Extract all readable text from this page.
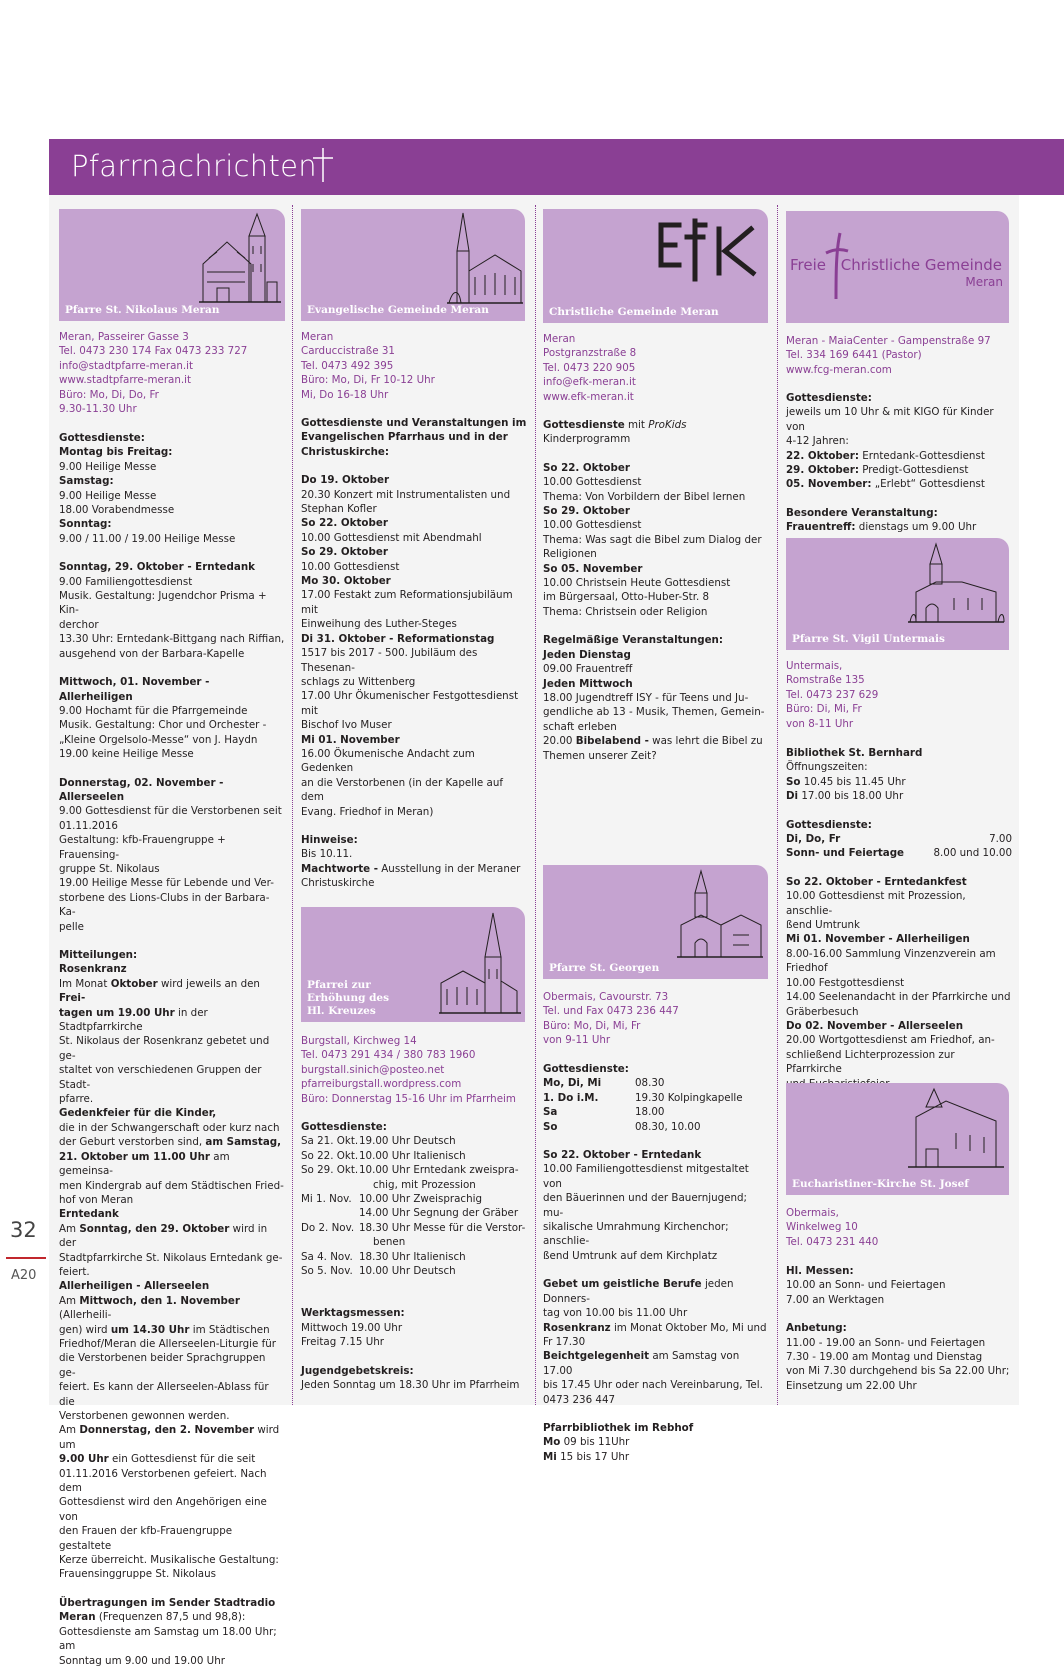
Pfarrnachrichten
32
A20
Pfarre St. Nikolaus Meran

Meran, Passeirer Gasse 3

Tel. 0473 230 174 Fax 0473 233 727

info@stadtpfarre-meran.it

www.stadtpfarre-meran.it

Büro: Mo, Di, Do, Fr

9.30-11.30 Uhr

Gottesdienste:

Montag bis Freitag:

9.00 Heilige Messe

Samstag:

9.00 Heilige Messe

18.00 Vorabendmesse

Sonntag:

9.00 / 11.00 / 19.00 Heilige Messe

Sonntag, 29. Oktober - Erntedank

9.00 Familiengottesdienst

Musik. Gestaltung: Jugendchor Prisma + Kin-

derchor

13.30 Uhr: Erntedank-Bittgang nach Riffian,

ausgehend von der Barbara-Kapelle

Mittwoch, 01. November - Allerheiligen

9.00 Hochamt für die Pfarrgemeinde

Musik. Gestaltung: Chor und Orchester -

„Kleine Orgelsolo-Messe“ von J. Haydn

19.00 keine Heilige Messe

Donnerstag, 02. November - Allerseelen

9.00 Gottesdienst für die Verstorbenen seit

01.11.2016

Gestaltung: kfb-Frauengruppe + Frauensing-

gruppe St. Nikolaus

19.00 Heilige Messe für Lebende und Ver-

storbene des Lions-Clubs in der Barbara-Ka-

pelle

Mitteilungen:

Rosenkranz

Im Monat Oktober wird jeweils an den Frei-

tagen um 19.00 Uhr in der Stadtpfarrkirche

St. Nikolaus der Rosenkranz gebetet und ge-

staltet von verschiedenen Gruppen der Stadt-

pfarre.

Gedenkfeier für die Kinder,

die in der Schwangerschaft oder kurz nach

der Geburt verstorben sind, am Samstag,

21. Oktober um 11.00 Uhr am gemeinsa-

men Kindergrab auf dem Städtischen Fried-

hof von Meran

Erntedank

Am Sonntag, den 29. Oktober wird in der

Stadtpfarrkirche St. Nikolaus Erntedank ge-

feiert.

Allerheiligen - Allerseelen

Am Mittwoch, den 1. November (Allerheili-

gen) wird um 14.30 Uhr im Städtischen

Friedhof/Meran die Allerseelen-Liturgie für

die Verstorbenen beider Sprachgruppen ge-

feiert. Es kann der Allerseelen-Ablass für die

Verstorbenen gewonnen werden.

Am Donnerstag, den 2. November wird um

9.00 Uhr ein Gottesdienst für die seit

01.11.2016 Verstorbenen gefeiert. Nach dem

Gottesdienst wird den Angehörigen eine von

den Frauen der kfb-Frauengruppe gestaltete

Kerze überreicht. Musikalische Gestaltung:

Frauensinggruppe St. Nikolaus

Übertragungen im Sender Stadtradio

Meran (Frequenzen 87,5 und 98,8):

Gottesdienste am Samstag um 18.00 Uhr; am

Sonntag um 9.00 und 19.00 Uhr

Evangelische Gemeinde Meran

Meran

Carduccistraße 31

Tel. 0473 492 395

Büro: Mo, Di, Fr 10-12 Uhr

Mi, Do 16-18 Uhr

Gottesdienste und Veranstaltungen im

Evangelischen Pfarrhaus und in der

Christuskirche:

Do 19. Oktober

20.30 Konzert mit Instrumentalisten und

Stephan Kofler

So 22. Oktober

10.00 Gottesdienst mit Abendmahl

So 29. Oktober

10.00 Gottesdienst

Mo 30. Oktober

17.00 Festakt zum Reformationsjubiläum mit

Einweihung des Luther-Steges

Di 31. Oktober - Reformationstag

1517 bis 2017 - 500. Jubiläum des Thesenan-

schlags zu Wittenberg

17.00 Uhr Ökumenischer Festgottesdienst mit

Bischof Ivo Muser

Mi 01. November

16.00 Ökumenische Andacht zum Gedenken

an die Verstorbenen (in der Kapelle auf dem

Evang. Friedhof in Meran)

Hinweise:

Bis 10.11.

Machtworte - Ausstellung in der Meraner

Christuskirche

Pfarrei zur

Erhöhung des

Hl. Kreuzes

Burgstall, Kirchweg 14

Tel. 0473 291 434 / 380 783 1960

burgstall.sinich@posteo.net

pfarreiburgstall.wordpress.com

Büro: Donnerstag 15-16 Uhr im Pfarrheim

Gottesdienste:

Sa 21. Okt. 19.00 Uhr Deutsch
So 22. Okt. 10.00 Uhr Italienisch
So 29. Okt. 10.00 Uhr Erntedank zweispra-
chig, mit Prozession
Mi 1. Nov. 10.00 Uhr Zweisprachig
14.00 Uhr Segnung der Gräber
Do 2. Nov. 18.30 Uhr Messe für die Verstor-
benen
Sa 4. Nov. 18.30 Uhr Italienisch
So 5. Nov. 10.00 Uhr Deutsch

Werktagsmessen:

Mittwoch 19.00 Uhr

Freitag 7.15 Uhr

Jugendgebetskreis:

Jeden Sonntag um 18.30 Uhr im Pfarrheim

Christliche Gemeinde Meran

Meran

Postgranzstraße 8

Tel. 0473 220 905

info@efk-meran.it

www.efk-meran.it

Gottesdienste mit ProKids Kinderprogramm

So 22. Oktober

10.00 Gottesdienst

Thema: Von Vorbildern der Bibel lernen

So 29. Oktober

10.00 Gottesdienst

Thema: Was sagt die Bibel zum Dialog der

Religionen

So 05. November

10.00 Christsein Heute Gottesdienst

im Bürgersaal, Otto-Huber-Str. 8

Thema: Christsein oder Religion

Regelmäßige Veranstaltungen:

Jeden Dienstag

09.00 Frauentreff

Jeden Mittwoch

18.00 Jugendtreff ISY - für Teens und Ju-

gendliche ab 13 - Musik, Themen, Gemein-

schaft erleben

20.00 Bibelabend - was lehrt die Bibel zu

Themen unserer Zeit?

Pfarre St. Georgen

Obermais, Cavourstr. 73

Tel. und Fax 0473 236 447

Büro: Mo, Di, Mi, Fr

von 9-11 Uhr

Gottesdienste:

Mo, Di, Mi	08.30
1. Do i.M.	19.30 Kolpingkapelle
Sa	18.00
So	08.30, 10.00

So 22. Oktober - Erntedank

10.00 Familiengottesdienst mitgestaltet von

den Bäuerinnen und der Bauernjugend; mu-

sikalische Umrahmung Kirchenchor; anschlie-

ßend Umtrunk auf dem Kirchplatz

Gebet um geistliche Berufe jeden Donners-

tag von 10.00 bis 11.00 Uhr

Rosenkranz im Monat Oktober Mo, Mi und

Fr 17.30

Beichtgelegenheit am Samstag von 17.00

bis 17.45 Uhr oder nach Vereinbarung, Tel.

0473 236 447

Pfarrbibliothek im Rebhof

Mo 09 bis 11Uhr

Mi 15 bis 17 Uhr

Freie Christliche Gemeinde
Meran

Meran - MaiaCenter - Gampenstraße 97

Tel. 334 169 6441 (Pastor)

www.fcg-meran.com

Gottesdienste:

jeweils um 10 Uhr & mit KIGO für Kinder von

4-12 Jahren:

22. Oktober: Erntedank-Gottesdienst

29. Oktober: Predigt-Gottesdienst

05. November: „Erlebt“ Gottesdienst

Besondere Veranstaltung:

Frauentreff: dienstags um 9.00 Uhr

Pfarre St. Vigil Untermais

Untermais,

Romstraße 135

Tel. 0473 237 629

Büro: Di, Mi, Fr

von 8-11 Uhr

Bibliothek St. Bernhard

Öffnungszeiten:

So 10.45 bis 11.45 Uhr

Di 17.00 bis 18.00 Uhr

Gottesdienste:

Di, Do, Fr	7.00

Sonn- und Feiertage	8.00 und 10.00

So 22. Oktober - Erntedankfest

10.00 Gottesdienst mit Prozession, anschlie-

ßend Umtrunk

Mi 01. November - Allerheiligen

8.00-16.00 Sammlung Vinzenzverein am

Friedhof

10.00 Festgottesdienst

14.00 Seelenandacht in der Pfarrkirche und

Gräberbesuch

Do 02. November - Allerseelen

20.00 Wortgottesdienst am Friedhof, an-

schließend Lichterprozession zur Pfarrkirche

Eucharistiner-Kirche St. Josef

Obermais,

Winkelweg 10

Tel. 0473 231 440

Hl. Messen:

10.00 an Sonn- und Feiertagen

7.00 an Werktagen

Anbetung:

11.00 - 19.00 an Sonn- und Feiertagen

7.30 - 19.00 am Montag und Dienstag

von Mi 7.30 durchgehend bis Sa 22.00 Uhr;

Einsetzung um 22.00 Uhr
